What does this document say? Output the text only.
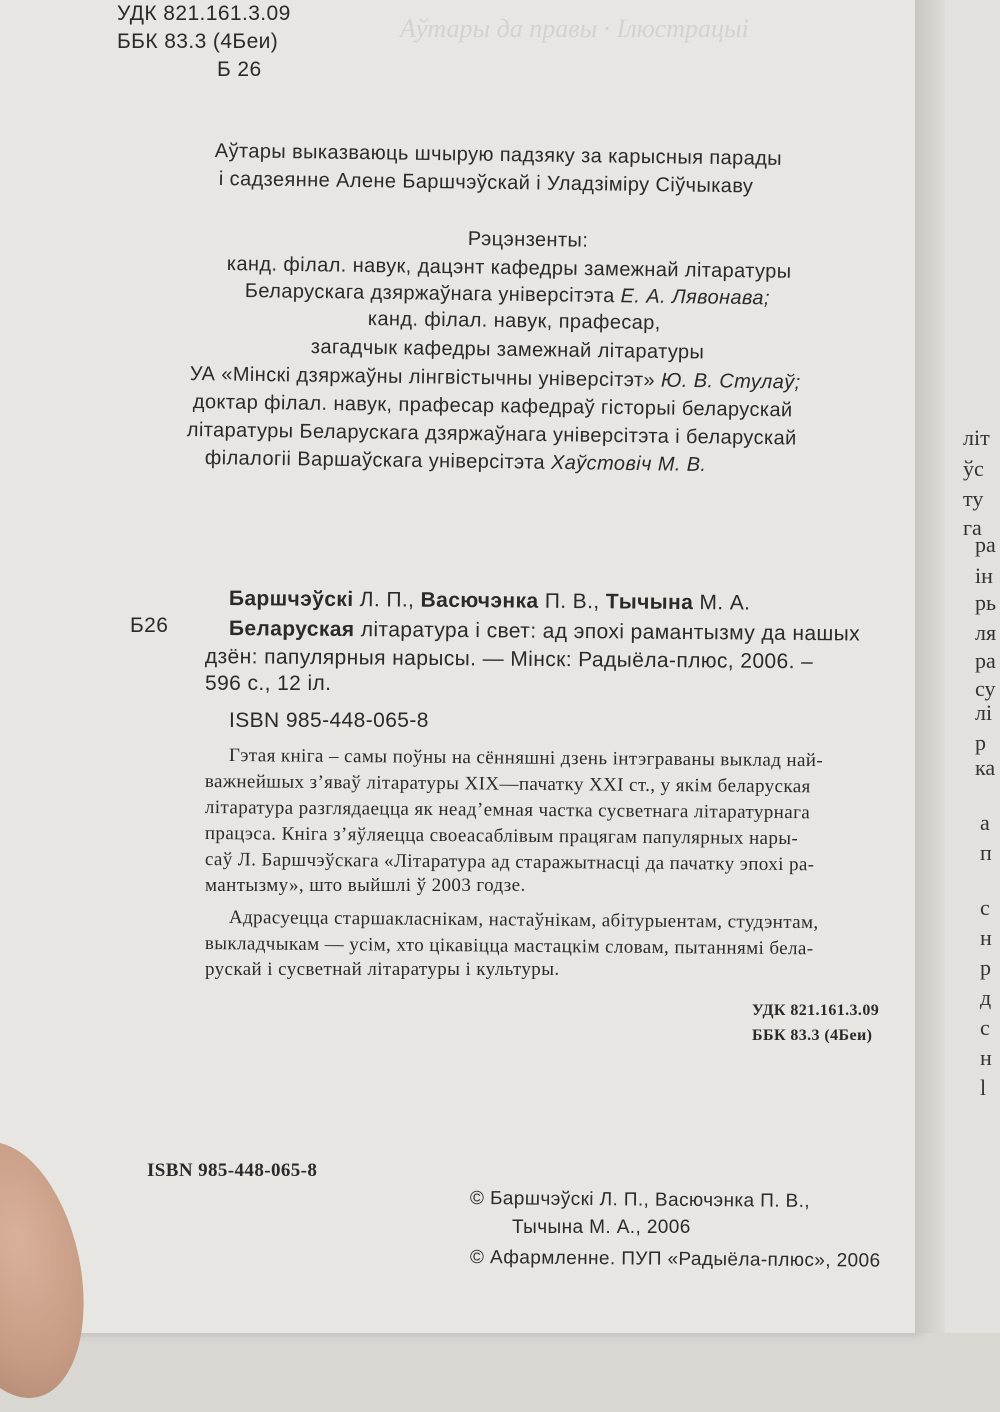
Аўтары да правы · Ілюстрацыі
УДК 821.161.3.09
ББК 83.3 (4Беи)
Б 26
Аўтары выказваюць шчырую падзяку за карысныя парады
і садзеянне Алене Баршчэўскай і Уладзіміру Сіўчыкаву
Рэцэнзенты:
канд. філал. навук, дацэнт кафедры замежнай літаратуры
Беларускага дзяржаўнага універсітэта Е. А. Лявонава;
канд. філал. навук, прафесар,
загадчык кафедры замежнай літаратуры
УА «Мінскі дзяржаўны лінгвістычны універсітэт» Ю. В. Стулаў;
доктар філал. навук, прафесар кафедраў гісторыі беларускай
літаратуры Беларускага дзяржаўнага універсітэта і беларускай
філалогіі Варшаўскага універсітэта Хаўстовіч М. В.
Баршчэўскі Л. П., Васючэнка П. В., Тычына М. А.
Б26	Беларуская літаратура і свет: ад эпохі рамантызму да нашых
дзён: папулярныя нарысы. — Мінск: Радыёла-плюс, 2006. –
596 с., 12 іл.
ISBN 985-448-065-8
Гэтая кніга – самы поўны на сённяшні дзень інтэграваны выклад най-
важнейшых з’яваў літаратуры ХІХ—пачатку ХХІ ст., у якім беларуская
літаратура разглядаецца як неад’емная частка сусветнага літаратурнага
працэса. Кніга з’яўляецца своеасаблівым працягам папулярных нары-
саў Л. Баршчэўскага «Літаратура ад старажытнасці да пачатку эпохі ра-
мантызму», што выйшлі ў 2003 годзе.
Адрасуецца старшакласнікам, настаўнікам, абітурыентам, студэнтам,
выкладчыкам — усім, хто цікавіцца мастацкім словам, пытаннямі бела-
рускай і сусветнай літаратуры і культуры.
УДК 821.161.3.09
ББК 83.3 (4Беи)
ISBN 985-448-065-8
© Баршчэўскі Л. П., Васючэнка П. В.,
Тычына М. А., 2006
© Афармленне. ПУП «Радыёла-плюс», 2006
літ
ўс
ту
га
ра
ін
рь
ля
ра
су
лі
р
ка
а
п
с
н
р
д
с
н
l
